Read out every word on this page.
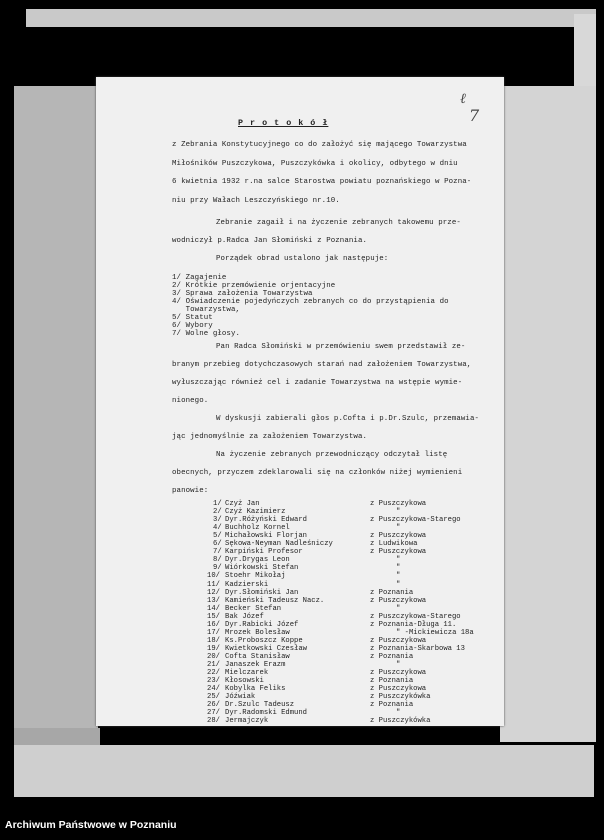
ℓ
7
P r o t o k ó ł
z Zebrania Konstytucyjnego co do założyć się mającego Towarzystwa
Miłośników Puszczykowa, Puszczykówka i okolicy, odbytego w dniu
6 kwietnia 1932 r.na salce Starostwa powiatu poznańskiego w Pozna-
niu przy Wałach Leszczyńskiego nr.10.
Zebranie zagaił i na życzenie zebranych takowemu prze-
wodniczył p.Radca Jan Słomiński z Poznania.
Porządek obrad ustalono jak następuje:
1/ Zagajenie
2/ Krótkie przemówienie orjentacyjne
3/ Sprawa założenia Towarzystwa
4/ Oświadczenie pojedyńczych zebranych co do przystąpienia do
Towarzystwa,
5/ Statut
6/ Wybory
7/ Wolne głosy.
Pan Radca Słomiński w przemówieniu swem przedstawił ze-
branym przebieg dotychczasowych starań nad założeniem Towarzystwa,
wyłuszczając również cel i zadanie Towarzystwa na wstępie wymie-
nionego.
W dyskusji zabierali głos p.Cofta i p.Dr.Szulc, przemawia-
jąc jednomyślnie za założeniem Towarzystwa.
Na życzenie zebranych przewodniczący odczytał listę
obecnych, przyczem zdeklarowali się na członków niżej wymienieni
panowie:
1/ Czyż Jan	z Puszczykowa
2/ Czyż Kazimierz	"
3/ Dyr.Różyński Edward	z Puszczykowa-Starego
4/ Buchholz Kornel	"
5/ Michałowski Florjan	z Puszczykowa
6/ Sękowa-Neyman Nadleśniczy	z Ludwikowa
7/ Karpiński Profesor	z Puszczykowa
8/ Dyr.Drygas Leon	"
9/ Wiórkowski Stefan	"
10/ Stoehr Mikołaj	"
11/ Kadzierski	"
12/ Dyr.Słomiński Jan	z Poznania
13/ Kamieński Tadeusz Nacz.	z Puszczykowa
14/ Becker Stefan	"
15/ Bak Józef	z Puszczykowa-Starego
16/ Dyr.Rabicki Józef	z Poznania-Długa 11.
17/ Mrozek Bolesław	" -Mickiewicza 18a
18/ Ks.Proboszcz Koppe	z Puszczykowa
19/ Kwietkowski Czesław	z Poznania-Skarbowa 13
20/ Cofta Stanisław	z Poznania
21/ Janaszek Erazm	"
22/ Mielczarek	z Puszczykowa
23/ Kłosowski	z Poznania
24/ Kobylka Feliks	z Puszczykowa
25/ Jóźwiak	z Puszczykówka
26/ Dr.Szulc Tadeusz	z Poznania
27/ Dyr.Radomski Edmund	"
28/ Jermajczyk	z Puszczykówka
Archiwum Państwowe w Poznaniu
